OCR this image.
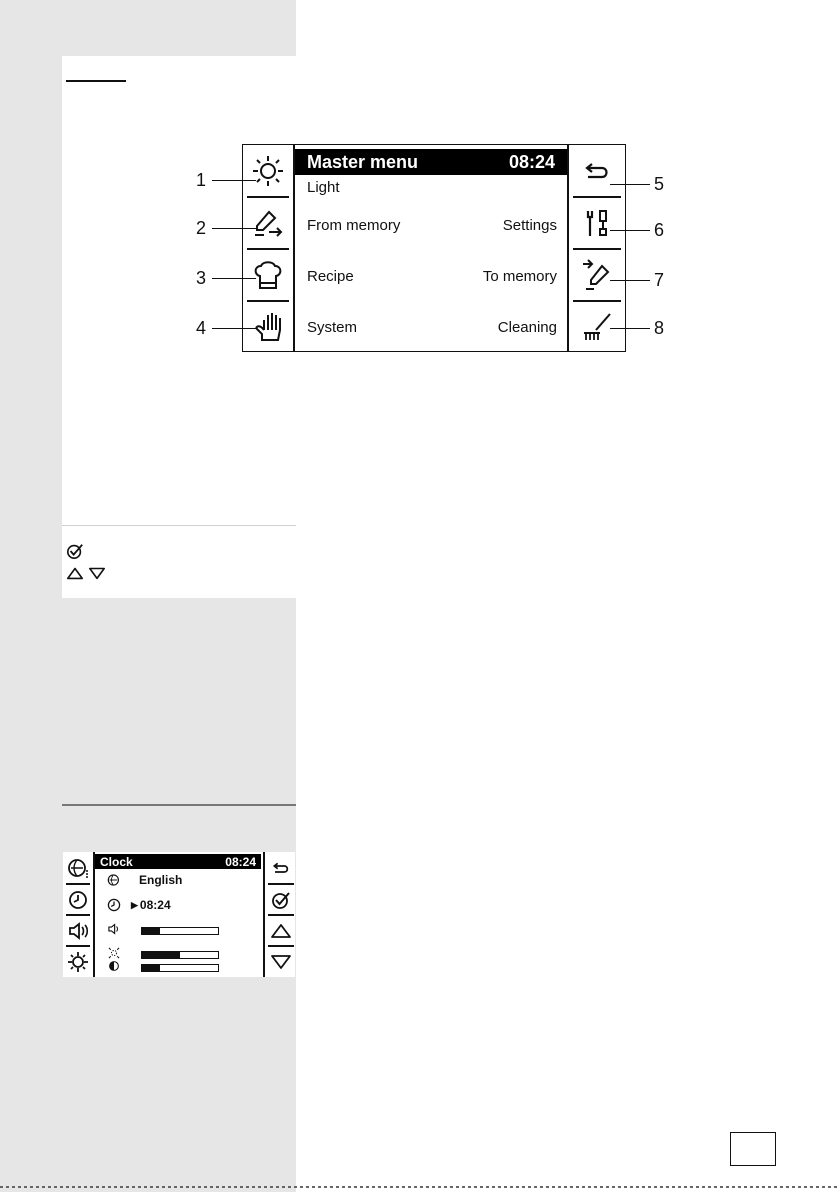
Master menu	08:24
Light
From memory
Recipe
System
Settings
To memory
Cleaning
1
2
3
4
5
6
7
8
Clock	08:24
English
▶ 08:24
